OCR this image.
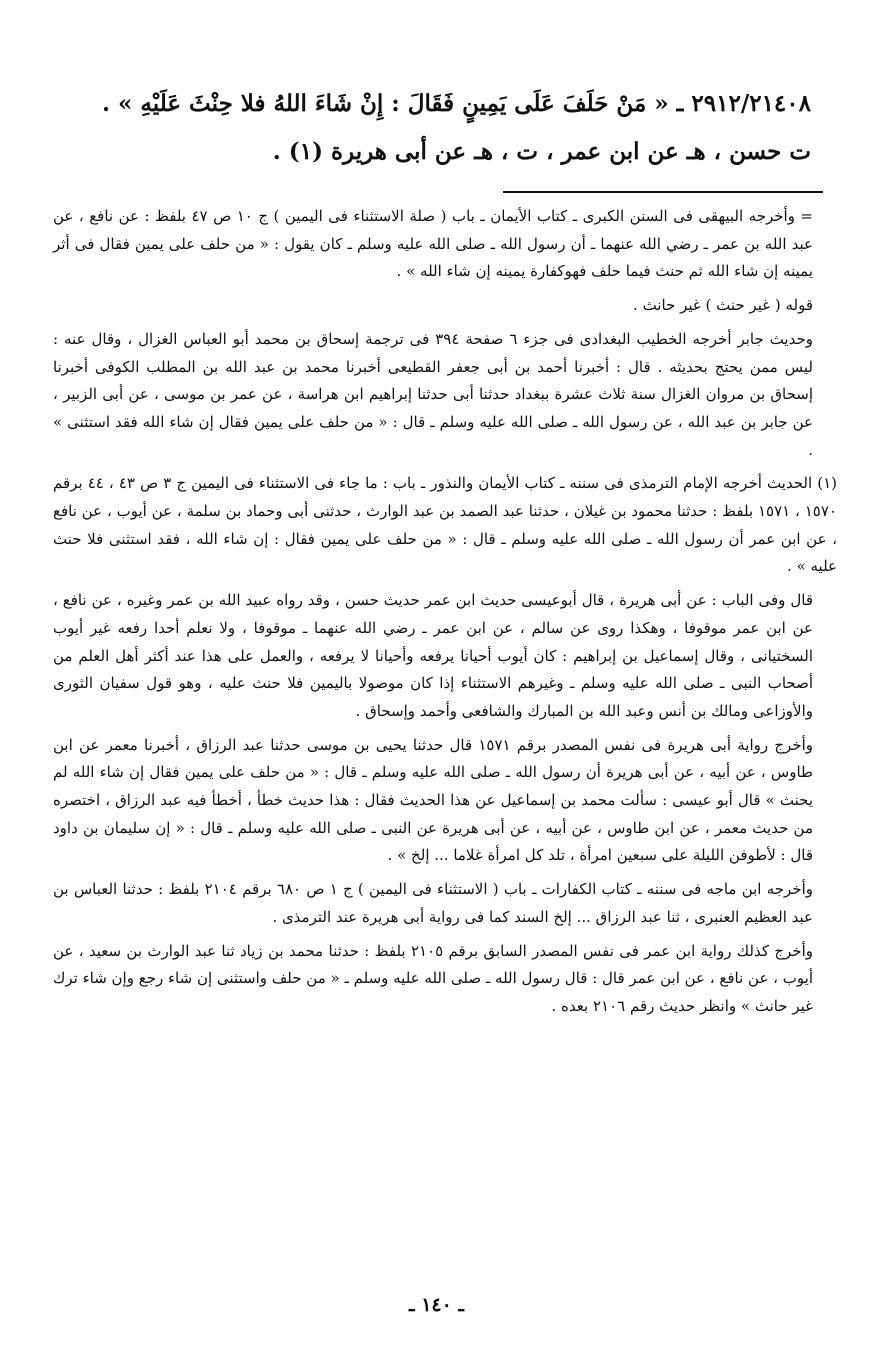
٢٩١٢/٢١٤٠٨ ـ « مَنْ حَلَفَ عَلَى يَمِينٍ فَقَالَ : إِنْ شَاءَ اللهُ فلا حِنْثَ عَلَيْهِ » .
ت حسن ، هـ عن ابن عمر ، ت ، هـ عن أبى هريرة (١) .

= وأخرجه البيهقى فى السنن الكبرى ـ كتاب الأيمان ـ باب ( صلة الاستثناء فى اليمين ) ج ١٠ ص ٤٧ بلفظ : عن نافع ، عن عبد الله بن عمر ـ رضي الله عنهما ـ أن رسول الله ـ صلى الله عليه وسلم ـ كان يقول : « من حلف على يمين فقال فى أثر يمينه إن شاء الله ثم حنث فيما حلف فهوكفارة يمينه إن شاء الله » .

قوله ( غير حنث ) غير حانث .

وحديث جابر أخرجه الخطيب البغدادى فى جزء ٦ صفحة ٣٩٤ فى ترجمة إسحاق بن محمد أبو العباس الغزال ، وقال عنه : ليس ممن يحتج بحديثه . قال : أخبرنا أحمد بن أبى جعفر القطيعى أخبرنا محمد بن عبد الله بن المطلب الكوفى أخبرنا إسحاق بن مروان الغزال سنة ثلاث عشرة ببغداد حدثنا أبى حدثنا إبراهيم ابن هراسة ، عن عمر بن موسى ، عن أبى الزبير ، عن جابر بن عبد الله ، عن رسول الله ـ صلى الله عليه وسلم ـ قال : « من حلف على يمين فقال إن شاء الله فقد استثنى » .

(١) الحديث أخرجه الإمام الترمذى فى سننه ـ كتاب الأيمان والنذور ـ باب : ما جاء فى الاستثناء فى اليمين ج ٣ ص ٤٣ ، ٤٤ برقم ١٥٧٠ ، ١٥٧١ بلفظ : حدثنا محمود بن غيلان ، حدثنا عبد الصمد بن عبد الوارث ، حدثنى أبى وحماد بن سلمة ، عن أيوب ، عن نافع ، عن ابن عمر أن رسول الله ـ صلى الله عليه وسلم ـ قال : « من حلف على يمين فقال : إن شاء الله ، فقد استثنى فلا حنث عليه » .

قال وفى الباب : عن أبى هريرة ، قال أبوعيسى حديث ابن عمر حديث حسن ، وقد رواه عبيد الله بن عمر وغيره ، عن نافع ، عن ابن عمر موقوفا ، وهكذا روى عن سالم ، عن ابن عمر ـ رضي الله عنهما ـ موقوفا ، ولا نعلم أحدا رفعه غير أيوب السختيانى ، وقال إسماعيل بن إبراهيم : كان أيوب أحيانا يرفعه وأحيانا لا يرفعه ، والعمل على هذا عند أكثر أهل العلم من أصحاب النبى ـ صلى الله عليه وسلم ـ وغيرهم الاستثناء إذا كان موصولا باليمين فلا حنث عليه ، وهو قول سفيان الثورى والأوزاعى ومالك بن أنس وعبد الله بن المبارك والشافعى وأحمد وإسحاق .

وأخرج رواية أبى هريرة فى نفس المصدر برقم ١٥٧١ قال حدثنا يحيى بن موسى حدثنا عبد الرزاق ، أخبرنا معمر عن ابن طاوس ، عن أبيه ، عن أبى هريرة أن رسول الله ـ صلى الله عليه وسلم ـ قال : « من حلف على يمين فقال إن شاء الله لم يحنث » قال أبو عيسى : سألت محمد بن إسماعيل عن هذا الحديث فقال : هذا حديث خطأ ، أخطأ فيه عبد الرزاق ، اختصره من حديث معمر ، عن ابن طاوس ، عن أبيه ، عن أبى هريرة عن النبى ـ صلى الله عليه وسلم ـ قال : « إن سليمان بن داود قال : لأطوفن الليلة على سبعين امرأة ، تلد كل امرأة غلاما ... إلخ » .

وأخرجه ابن ماجه فى سننه ـ كتاب الكفارات ـ باب ( الاستثناء فى اليمين ) ج ١ ص ٦٨٠ برقم ٢١٠٤ بلفظ : حدثنا العباس بن عبد العظيم العنبرى ، ثنا عبد الرزاق ... إلخ السند كما فى رواية أبى هريرة عند الترمذى .

وأخرج كذلك رواية ابن عمر فى نفس المصدر السابق برقم ٢١٠٥ بلفظ : حدثنا محمد بن زياد ثنا عبد الوارث بن سعيد ، عن أيوب ، عن نافع ، عن ابن عمر قال : قال رسول الله ـ صلى الله عليه وسلم ـ « من حلف واستثنى إن شاء رجع وإن شاء ترك غير حانث » وانظر حديث رقم ٢١٠٦ بعده .

ـ ١٤٠ ـ
